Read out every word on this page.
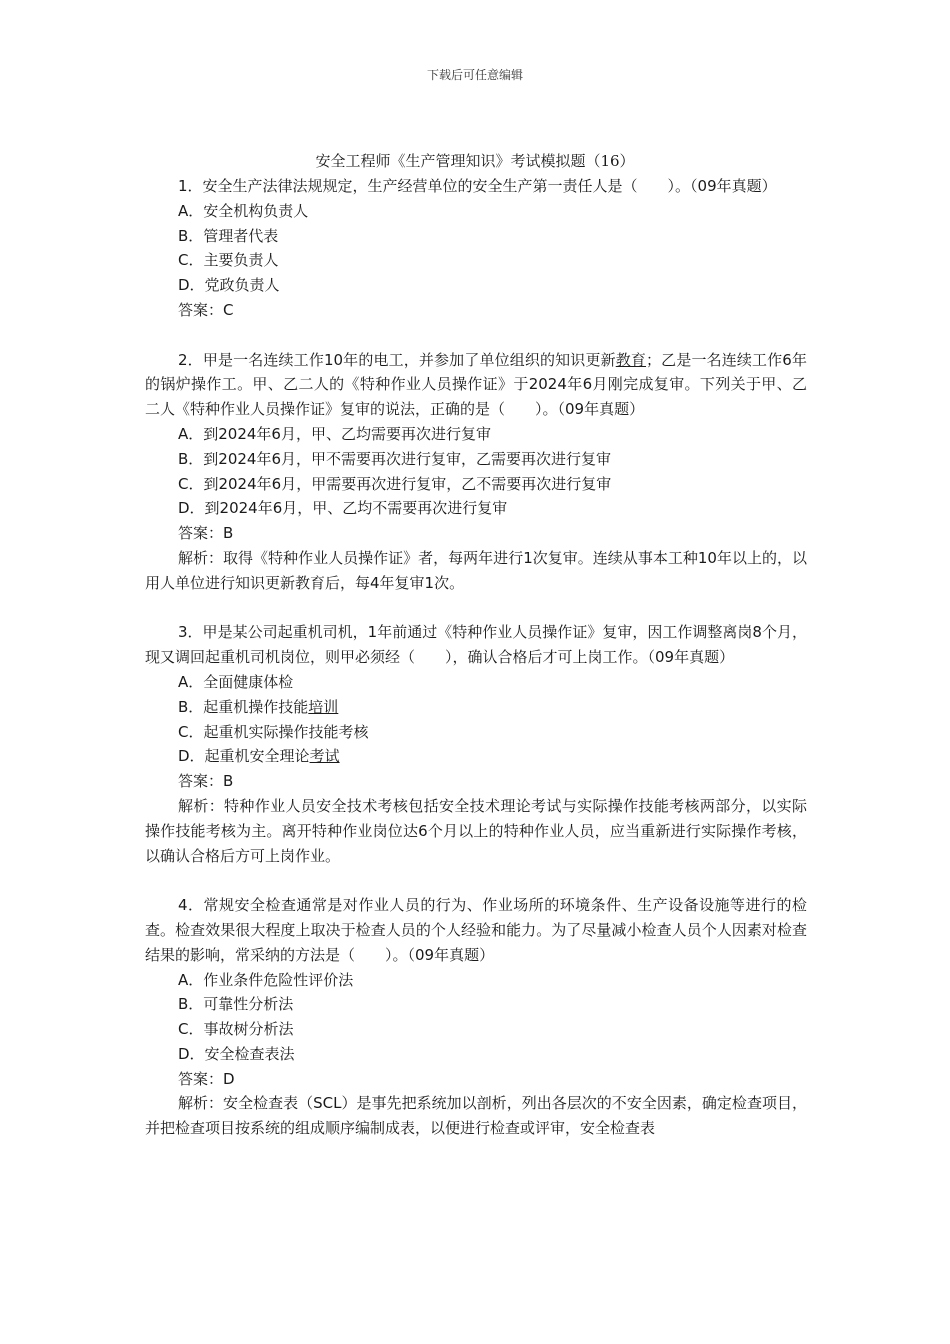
下载后可任意编辑
安全工程师《生产管理知识》考试模拟题（16）

1．安全生产法律法规规定，生产经营单位的安全生产第一责任人是（　　）。（09年真题）

A．安全机构负责人

B．管理者代表

C．主要负责人

D．党政负责人

答案：C

2．甲是一名连续工作10年的电工，并参加了单位组织的知识更新教育；乙是一名连续工作6年的锅炉操作工。甲、乙二人的《特种作业人员操作证》于2024年6月刚完成复审。下列关于甲、乙二人《特种作业人员操作证》复审的说法，正确的是（　　）。（09年真题）

A．到2024年6月，甲、乙均需要再次进行复审

B．到2024年6月，甲不需要再次进行复审，乙需要再次进行复审

C．到2024年6月，甲需要再次进行复审，乙不需要再次进行复审

D．到2024年6月，甲、乙均不需要再次进行复审

答案：B

解析：取得《特种作业人员操作证》者，每两年进行1次复审。连续从事本工种10年以上的，以用人单位进行知识更新教育后，每4年复审1次。

3．甲是某公司起重机司机，1年前通过《特种作业人员操作证》复审，因工作调整离岗8个月，现又调回起重机司机岗位，则甲必须经（　　），确认合格后才可上岗工作。（09年真题）

A．全面健康体检

B．起重机操作技能培训

C．起重机实际操作技能考核

D．起重机安全理论考试

答案：B

解析：特种作业人员安全技术考核包括安全技术理论考试与实际操作技能考核两部分，以实际操作技能考核为主。离开特种作业岗位达6个月以上的特种作业人员，应当重新进行实际操作考核，以确认合格后方可上岗作业。

4．常规安全检查通常是对作业人员的行为、作业场所的环境条件、生产设备设施等进行的检查。检查效果很大程度上取决于检查人员的个人经验和能力。为了尽量减小检查人员个人因素对检查结果的影响，常采纳的方法是（　　）。（09年真题）

A．作业条件危险性评价法

B．可靠性分析法

C．事故树分析法

D．安全检查表法

答案：D

解析：安全检查表（SCL）是事先把系统加以剖析，列出各层次的不安全因素，确定检查项目，并把检查项目按系统的组成顺序编制成表，以便进行检查或评审，安全检查表
